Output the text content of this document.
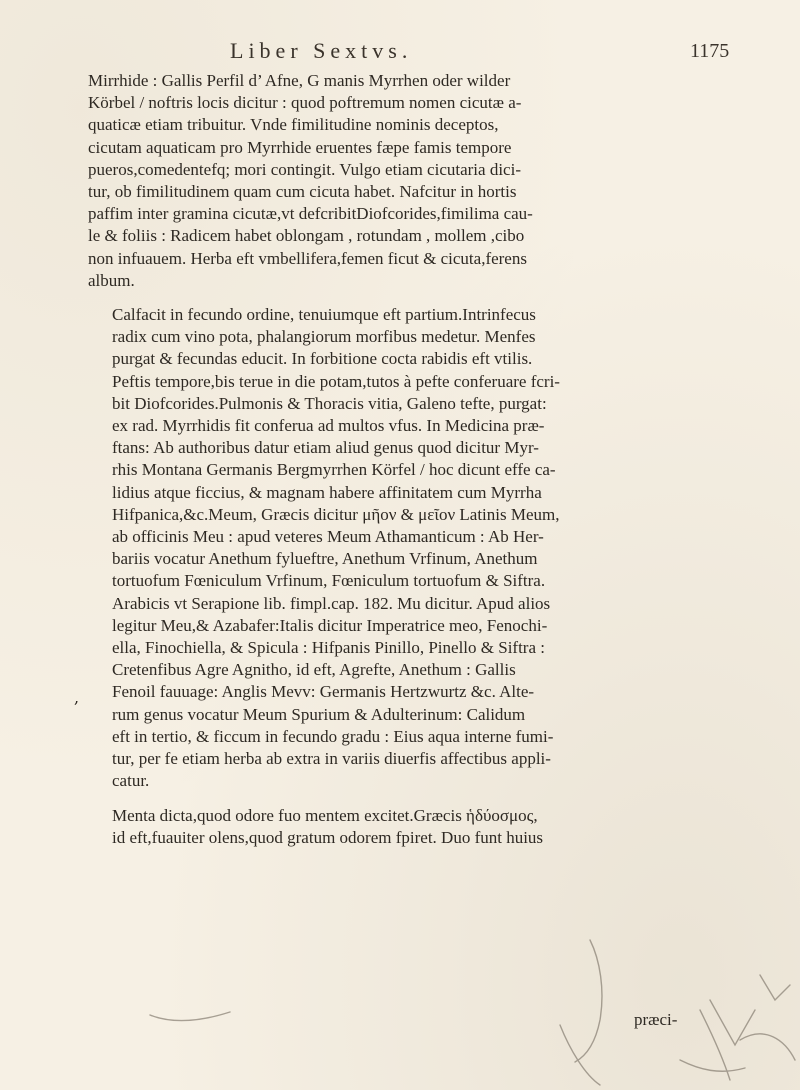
Liber Sextvs.	1175
Mirrhide : Gallis Perfil d’ Afne, G manis Myrrhen oder wilder
Körbel / noftris locis dicitur : quod poftremum nomen cicutæ a-
quaticæ etiam tribuitur. Vnde fimilitudine nominis deceptos,
cicutam aquaticam pro Myrrhide eruentes fæpe famis tempore
pueros,comedentefq; mori contingit. Vulgo etiam cicutaria dici-
tur, ob fimilitudinem quam cum cicuta habet. Nafcitur in hortis
paffim inter gramina cicutæ,vt defcribitDiofcorides,fimilima cau-
le & foliis : Radicem habet oblongam , rotundam , mollem ,cibo
non infuauem. Herba eft vmbellifera,femen ficut & cicuta,ferens
album.
Calfacit in fecundo ordine, tenuiumque eft partium.Intrinfecus
radix cum vino pota, phalangiorum morfibus medetur. Menfes
purgat & fecundas educit. In forbitione cocta rabidis eft vtilis.
Peftis tempore,bis terue in die potam,tutos à pefte conferuare fcri-
bit Diofcorides.Pulmonis & Thoracis vitia, Galeno tefte, purgat:
ex rad. Myrrhidis fit conferua ad multos vfus. In Medicina præ-
ftans: Ab authoribus datur etiam aliud genus quod dicitur Myr-
rhis Montana Germanis Bergmyrrhen Körfel / hoc dicunt effe ca-
lidius atque ficcius, & magnam habere affinitatem cum Myrrha
Hifpanica,&c.Meum, Græcis dicitur μῆον & μεῖον Latinis Meum,
ab officinis Meu : apud veteres Meum Athamanticum : Ab Her-
bariis vocatur Anethum fylueftre, Anethum Vrfinum, Anethum
tortuofum Fœniculum Vrfinum, Fœniculum tortuofum & Siftra.
Arabicis vt Serapione lib. fimpl.cap. 182. Mu dicitur. Apud alios
legitur Meu,& Azabafer:Italis dicitur Imperatrice meo, Fenochi-
ella, Finochiella, & Spicula : Hifpanis Pinillo, Pinello & Siftra :
Cretenfibus Agre Agnitho, id eft, Agrefte, Anethum : Gallis
Fenoil fauuage: Anglis Mevv: Germanis Hertzwurtz &c. Alte-
rum genus vocatur Meum Spurium & Adulterinum: Calidum
eft in tertio, & ficcum in fecundo gradu : Eius aqua interne fumi-
tur, per fe etiam herba ab extra in variis diuerfis affectibus appli-
catur.
Menta dicta,quod odore fuo mentem excitet.Græcis ἡδύοσμος,
id eft,fuauiter olens,quod gratum odorem fpiret. Duo funt huius
,
præci-
